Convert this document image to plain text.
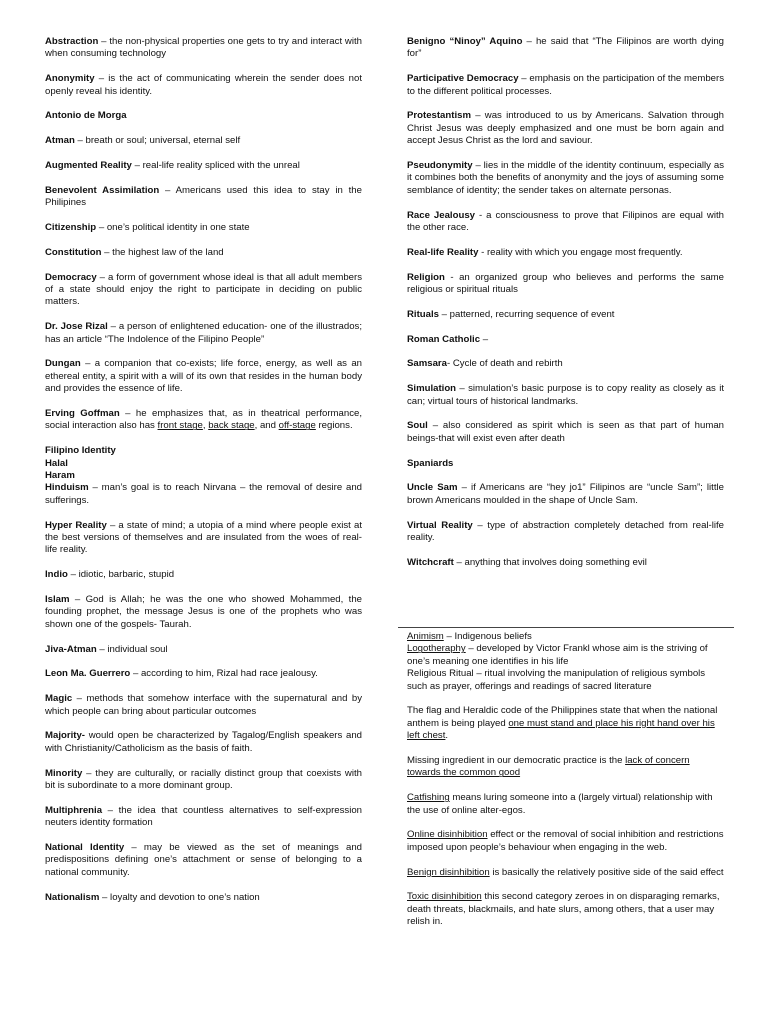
Abstraction – the non-physical properties one gets to try and interact with when consuming technology

Anonymity – is the act of communicating wherein the sender does not openly reveal his identity.

Antonio de Morga

Atman – breath or soul; universal, eternal self

Augmented Reality – real-life reality spliced with the unreal

Benevolent Assimilation – Americans used this idea to stay in the Philipines

Citizenship – one’s political identity in one state

Constitution – the highest law of the land

Democracy – a form of government whose ideal is that all adult members of a state should enjoy the right to participate in deciding on public matters.

Dr. Jose Rizal – a person of enlightened education- one of the illustrados; has an article “The Indolence of the Filipino People”

Dungan – a companion that co-exists; life force, energy, as well as an ethereal entity, a spirit with a will of its own that resides in the human body and provides the essence of life.

Erving Goffman – he emphasizes that, as in theatrical performance, social interaction also has front stage, back stage, and off-stage regions.

Filipino Identity

Halal

Haram

Hinduism – man’s goal is to reach Nirvana – the removal of desire and sufferings.

Hyper Reality – a state of mind; a utopia of a mind where people exist at the best versions of themselves and are insulated from the woes of real-life reality.

Indio – idiotic, barbaric, stupid

Islam – God is Allah; he was the one who showed Mohammed, the founding prophet, the message Jesus is one of the prophets who was shown one of the gospels- Taurah.

Jiva-Atman – individual soul

Leon Ma. Guerrero – according to him, Rizal had race jealousy.

Magic – methods that somehow interface with the supernatural and by which people can bring about particular outcomes

Majority- would open be characterized by Tagalog/English speakers and with Christianity/Catholicism as the basis of faith.

Minority – they are culturally, or racially distinct group that coexists with bit is subordinate to a more dominant group.

Multiphrenia – the idea that countless alternatives to self-expression neuters identity formation

National Identity – may be viewed as the set of meanings and predispositions defining one’s attachment or sense of belonging to a national community.

Nationalism – loyalty and devotion to one’s nation

Benigno “Ninoy” Aquino – he said that “The Filipinos are worth dying for”

Participative Democracy – emphasis on the participation of the members to the different political processes.

Protestantism – was introduced to us by Americans. Salvation through Christ Jesus was deeply emphasized and one must be born again and accept Jesus Christ as the lord and saviour.

Pseudonymity – lies in the middle of the identity continuum, especially as it combines both the benefits of anonymity and the joys of assuming some semblance of identity; the sender takes on alternate personas.

Race Jealousy - a consciousness to prove that Filipinos are equal with the other race.

Real-life Reality - reality with which you engage most frequently.

Religion - an organized group who believes and performs the same religious or spiritual rituals

Rituals – patterned, recurring sequence of event

Roman Catholic –

Samsara- Cycle of death and rebirth

Simulation – simulation’s basic purpose is to copy reality as closely as it can; virtual tours of historical landmarks.

Soul – also considered as spirit which is seen as that part of human beings-that will exist even after death

Spaniards

Uncle Sam – if Americans are “hey jo1” Filipinos are “uncle Sam”; little brown Americans moulded in the shape of Uncle Sam.

Virtual Reality – type of abstraction completely detached from real-life reality.

Witchcraft – anything that involves doing something evil

Animism – Indigenous beliefs

Logotheraphy – developed by Victor Frankl whose aim is the striving of one’s meaning one identifies in his life

Religious Ritual – ritual involving the manipulation of religious symbols such as prayer, offerings and readings of sacred literature

The flag and Heraldic code of the Philippines state that when the national anthem is being played one must stand and place his right hand over his left chest.

Missing ingredient in our democratic practice is the lack of concern towards the common good

Catfishing means luring someone into a (largely virtual) relationship with the use of online alter-egos.

Online disinhibition effect or the removal of social inhibition and restrictions imposed upon people’s behaviour when engaging in the web.

Benign disinhibition is basically the relatively positive side of the said effect

Toxic disinhibition this second category zeroes in on disparaging remarks, death threats, blackmails, and hate slurs, among others, that a user may relish in.
